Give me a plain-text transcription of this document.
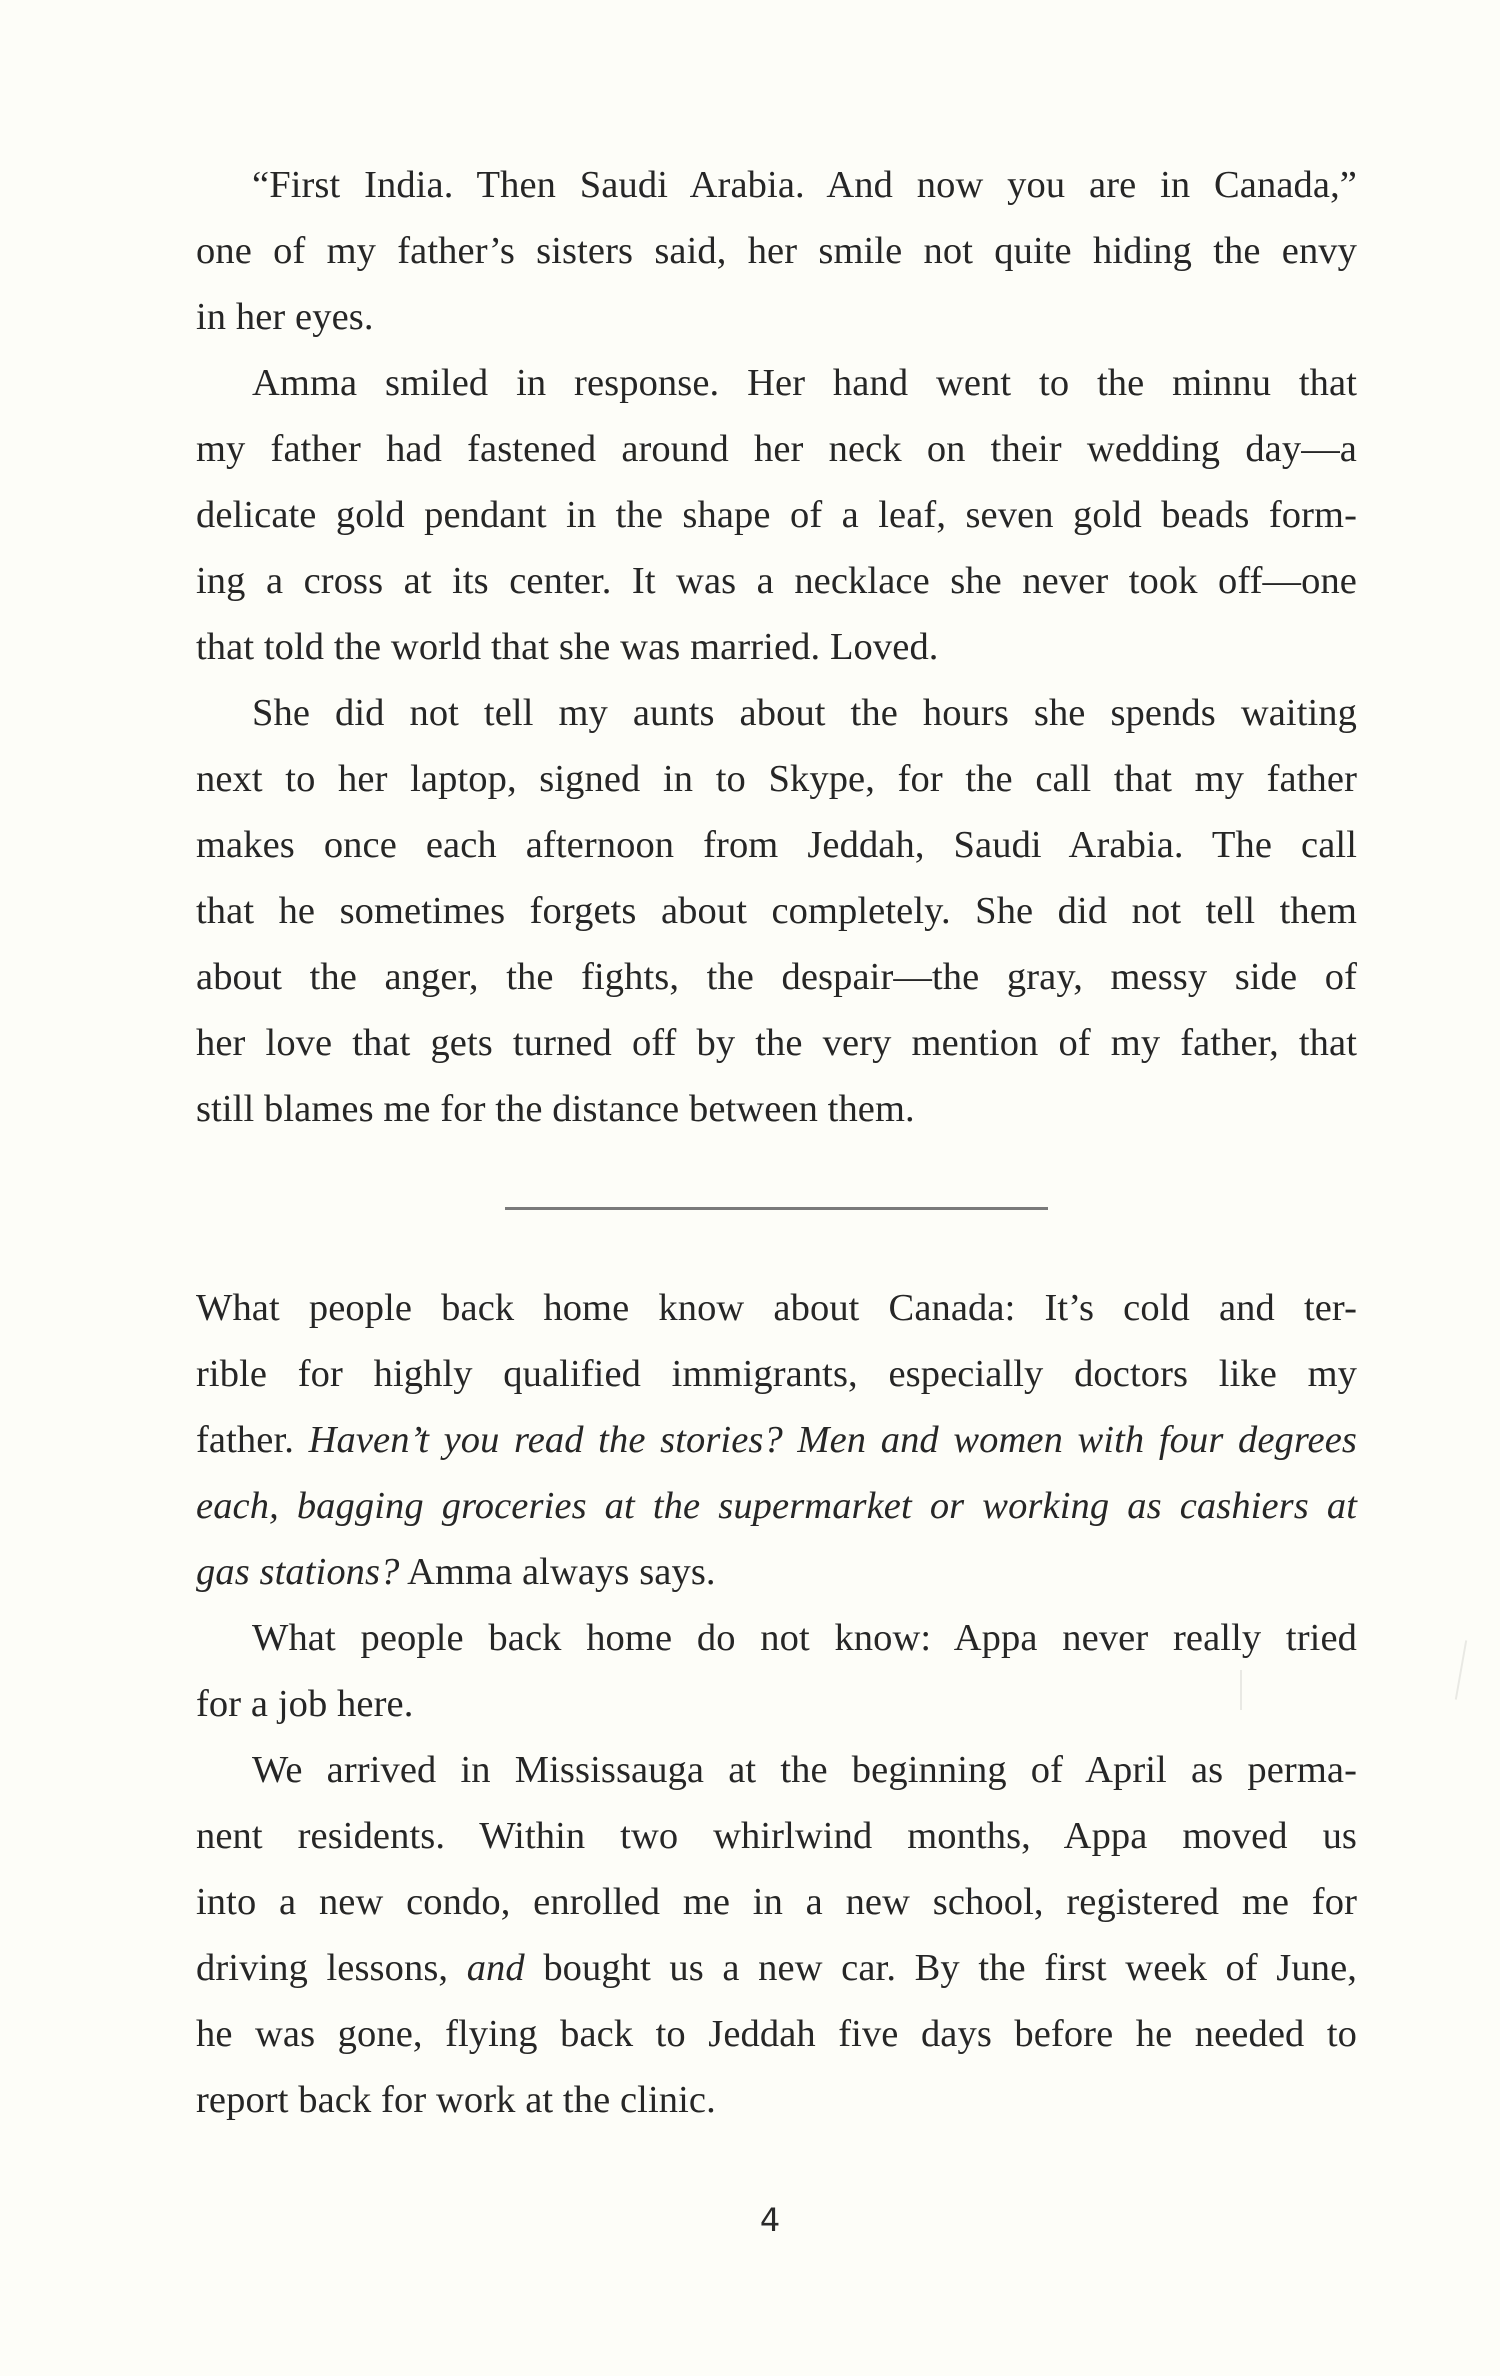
“First India. Then Saudi Arabia. And now you are in Canada,”
one of my father’s sisters said, her smile not quite hiding the envy
in her eyes.
Amma smiled in response. Her hand went to the minnu that
my father had fastened around her neck on their wedding day—a
delicate gold pendant in the shape of a leaf, seven gold beads form-
ing a cross at its center. It was a necklace she never took off—one
that told the world that she was married. Loved.
She did not tell my aunts about the hours she spends waiting
next to her laptop, signed in to Skype, for the call that my father
makes once each afternoon from Jeddah, Saudi Arabia. The call
that he sometimes forgets about completely. She did not tell them
about the anger, the fights, the despair—the gray, messy side of
her love that gets turned off by the very mention of my father, that
still blames me for the distance between them.
What people back home know about Canada: It’s cold and ter-
rible for highly qualified immigrants, especially doctors like my
father. Haven’t you read the stories? Men and women with four degrees
each, bagging groceries at the supermarket or working as cashiers at
gas stations? Amma always says.
What people back home do not know: Appa never really tried
for a job here.
We arrived in Mississauga at the beginning of April as perma-
nent residents. Within two whirlwind months, Appa moved us
into a new condo, enrolled me in a new school, registered me for
driving lessons, and bought us a new car. By the first week of June,
he was gone, flying back to Jeddah five days before he needed to
report back for work at the clinic.
4
